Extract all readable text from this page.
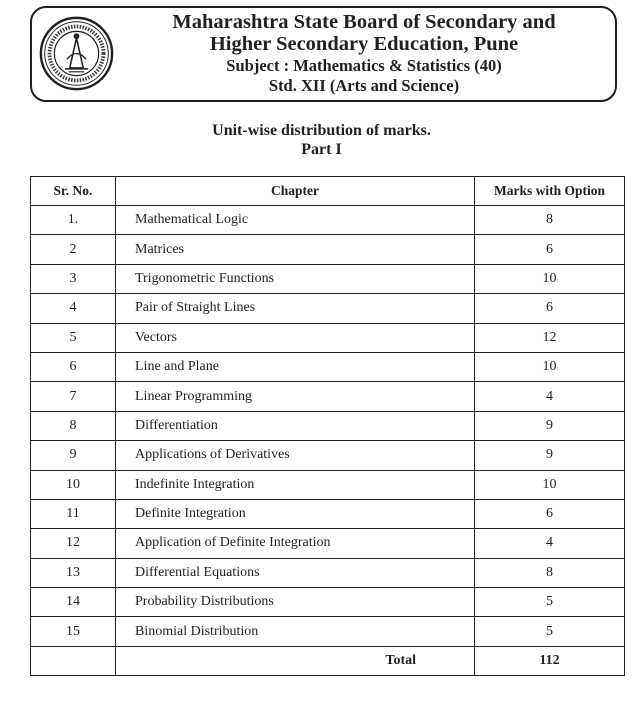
Maharashtra State Board of Secondary and
Higher Secondary Education, Pune
Subject : Mathematics & Statistics (40)
Std. XII (Arts and Science)
Unit-wise distribution of marks.
Part I
Sr. No.	Chapter	Marks with Option
1.	Mathematical Logic	8
2	Matrices	6
3	Trigonometric Functions	10
4	Pair of Straight Lines	6
5	Vectors	12
6	Line and Plane	10
7	Linear Programming	4
8	Differentiation	9
9	Applications of Derivatives	9
10	Indefinite Integration	10
11	Definite Integration	6
12	Application of Definite Integration	4
13	Differential Equations	8
14	Probability Distributions	5
15	Binomial Distribution	5
	Total	112
